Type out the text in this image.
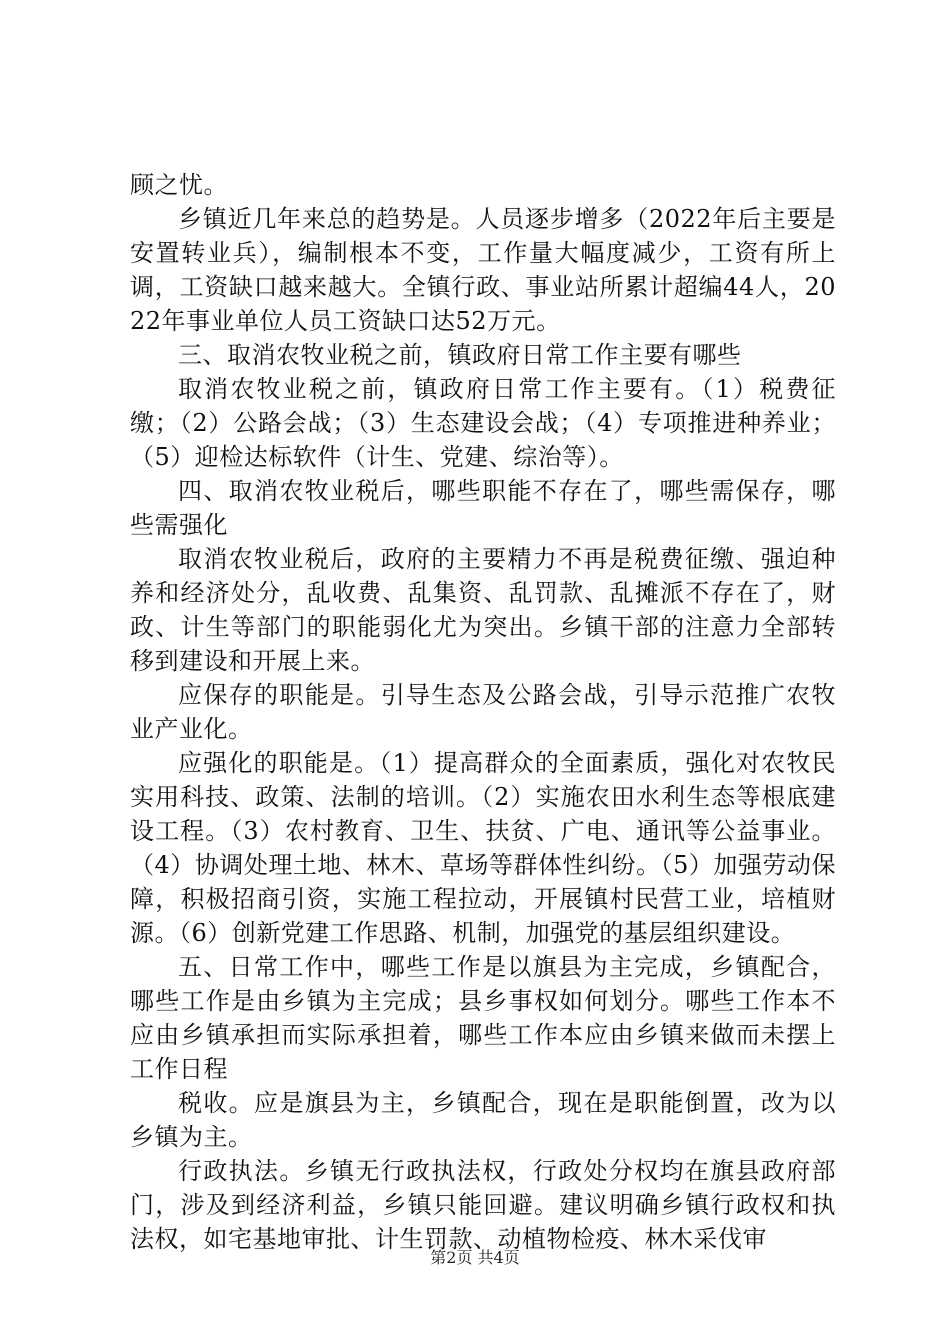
顾之忧。

乡镇近几年来总的趋势是。人员逐步增多（2022年后主要是安置转业兵），编制根本不变，工作量大幅度减少，工资有所上调，工资缺口越来越大。全镇行政、事业站所累计超编44人，2022年事业单位人员工资缺口达52万元。

三、取消农牧业税之前，镇政府日常工作主要有哪些

取消农牧业税之前，镇政府日常工作主要有。（1）税费征缴；（2）公路会战；（3）生态建设会战；（4）专项推进种养业；（5）迎检达标软件（计生、党建、综治等）。

四、取消农牧业税后，哪些职能不存在了，哪些需保存，哪些需强化

取消农牧业税后，政府的主要精力不再是税费征缴、强迫种养和经济处分，乱收费、乱集资、乱罚款、乱摊派不存在了，财政、计生等部门的职能弱化尤为突出。乡镇干部的注意力全部转移到建设和开展上来。

应保存的职能是。引导生态及公路会战，引导示范推广农牧业产业化。

应强化的职能是。（1）提高群众的全面素质，强化对农牧民实用科技、政策、法制的培训。（2）实施农田水利生态等根底建设工程。（3）农村教育、卫生、扶贫、广电、通讯等公益事业。（4）协调处理土地、林木、草场等群体性纠纷。（5）加强劳动保障，积极招商引资，实施工程拉动，开展镇村民营工业，培植财源。（6）创新党建工作思路、机制，加强党的基层组织建设。

五、日常工作中，哪些工作是以旗县为主完成，乡镇配合，哪些工作是由乡镇为主完成；县乡事权如何划分。哪些工作本不应由乡镇承担而实际承担着，哪些工作本应由乡镇来做而未摆上工作日程

税收。应是旗县为主，乡镇配合，现在是职能倒置，改为以乡镇为主。

行政执法。乡镇无行政执法权，行政处分权均在旗县政府部门，涉及到经济利益，乡镇只能回避。建议明确乡镇行政权和执法权，如宅基地审批、计生罚款、动植物检疫、林木采伐审

第2页 共4页
